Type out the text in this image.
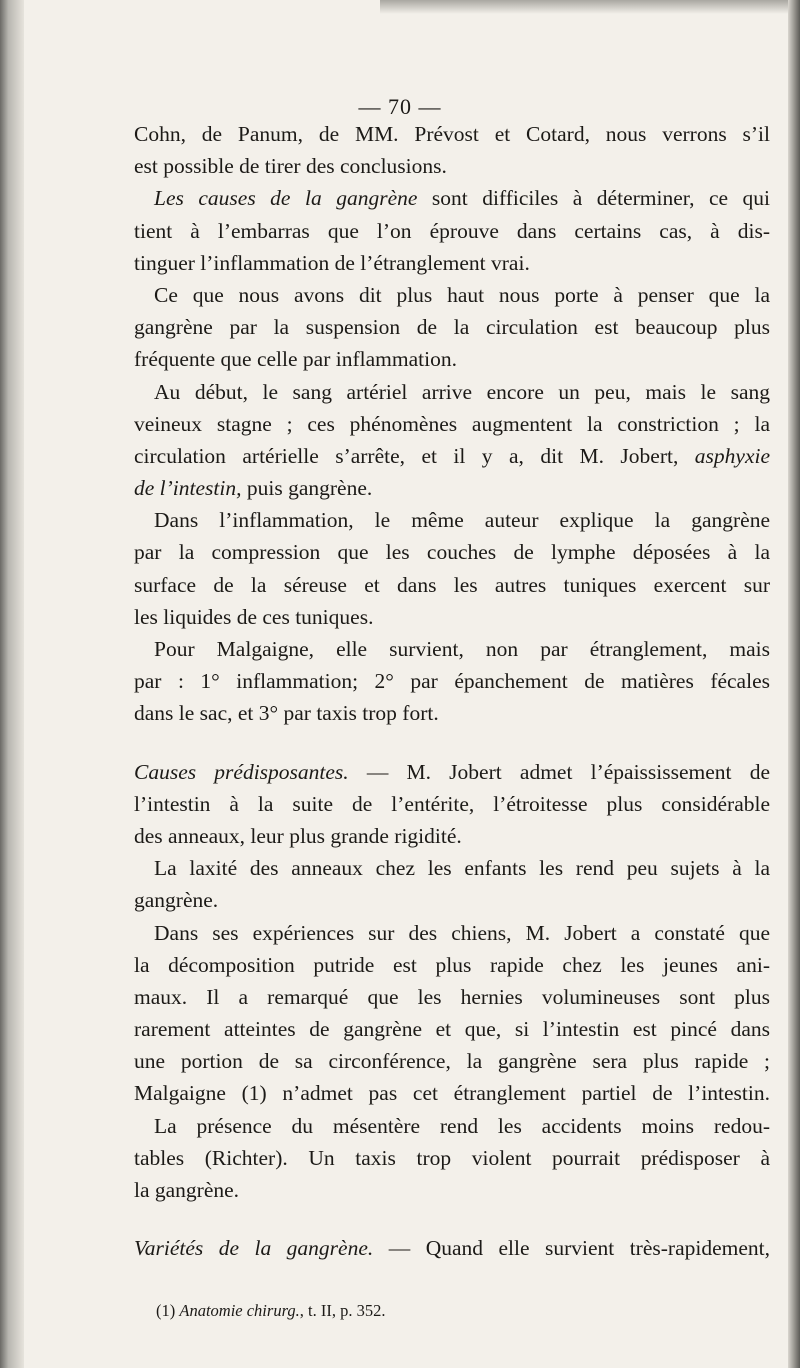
— 70 —
Cohn, de Panum, de MM. Prévost et Cotard, nous verrons s’il
est possible de tirer des conclusions.
Les causes de la gangrène sont difficiles à déterminer, ce qui
tient à l’embarras que l’on éprouve dans certains cas, à dis-
tinguer l’inflammation de l’étranglement vrai.
Ce que nous avons dit plus haut nous porte à penser que la
gangrène par la suspension de la circulation est beaucoup plus
fréquente que celle par inflammation.
Au début, le sang artériel arrive encore un peu, mais le sang
veineux stagne ; ces phénomènes augmentent la constriction ; la
circulation artérielle s’arrête, et il y a, dit M. Jobert, asphyxie
de l’intestin, puis gangrène.
Dans l’inflammation, le même auteur explique la gangrène
par la compression que les couches de lymphe déposées à la
surface de la séreuse et dans les autres tuniques exercent sur
les liquides de ces tuniques.
Pour Malgaigne, elle survient, non par étranglement, mais
par : 1° inflammation; 2° par épanchement de matières fécales
dans le sac, et 3° par taxis trop fort.
Causes prédisposantes. — M. Jobert admet l’épaississement de
l’intestin à la suite de l’entérite, l’étroitesse plus considérable
des anneaux, leur plus grande rigidité.
La laxité des anneaux chez les enfants les rend peu sujets à la
gangrène.
Dans ses expériences sur des chiens, M. Jobert a constaté que
la décomposition putride est plus rapide chez les jeunes ani-
maux. Il a remarqué que les hernies volumineuses sont plus
rarement atteintes de gangrène et que, si l’intestin est pincé dans
une portion de sa circonférence, la gangrène sera plus rapide ;
Malgaigne (1) n’admet pas cet étranglement partiel de l’intestin.
La présence du mésentère rend les accidents moins redou-
tables (Richter). Un taxis trop violent pourrait prédisposer à
la gangrène.
Variétés de la gangrène. — Quand elle survient très-rapidement,
(1) Anatomie chirurg., t. II, p. 352.
